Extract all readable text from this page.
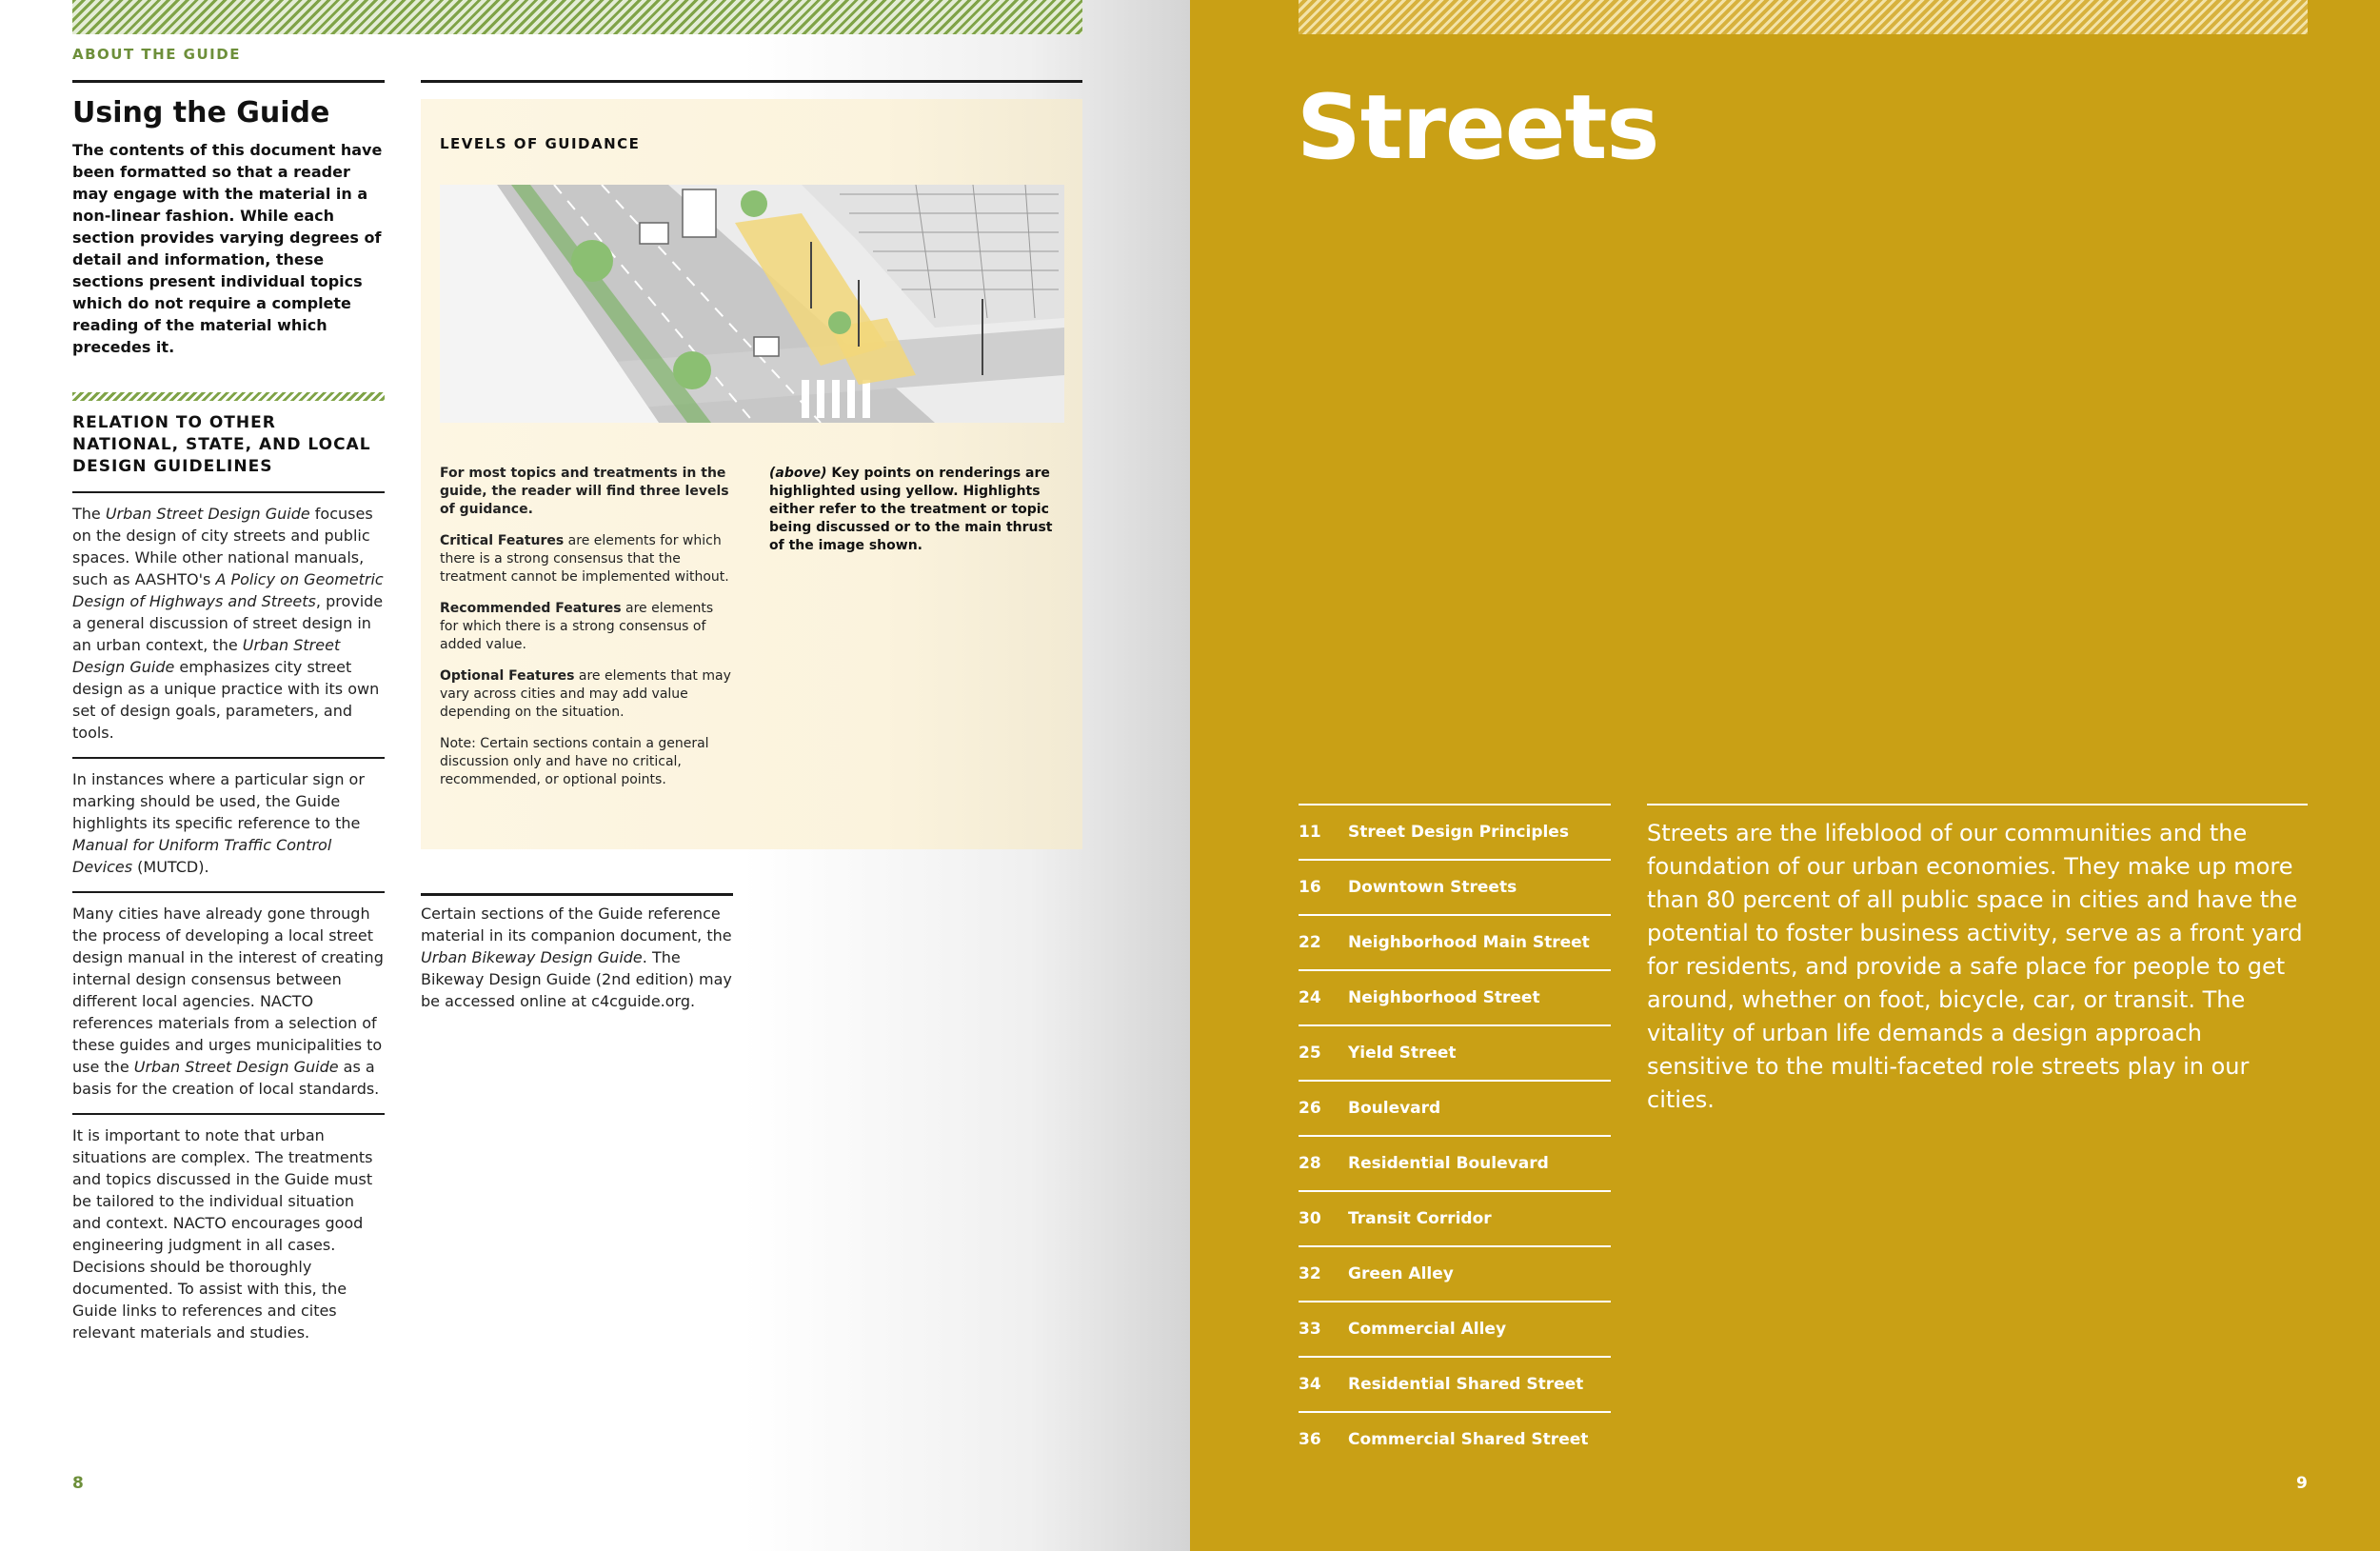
ABOUT THE GUIDE
Using the Guide

The contents of this document have been formatted so that a reader may engage with the material in a non-linear fashion. While each section provides varying degrees of detail and information, these sections present individual topics which do not require a complete reading of the material which precedes it.

RELATION TO OTHER NATIONAL, STATE, AND LOCAL DESIGN GUIDELINES

The Urban Street Design Guide focuses on the design of city streets and public spaces. While other national manuals, such as AASHTO's A Policy on Geometric Design of Highways and Streets, provide a general discussion of street design in an urban context, the Urban Street Design Guide emphasizes city street design as a unique practice with its own set of design goals, parameters, and tools.

In instances where a particular sign or marking should be used, the Guide highlights its specific reference to the Manual for Uniform Traffic Control Devices (MUTCD).

Many cities have already gone through the process of developing a local street design manual in the interest of creating internal design consensus between different local agencies. NACTO references materials from a selection of these guides and urges municipalities to use the Urban Street Design Guide as a basis for the creation of local standards.

It is important to note that urban situations are complex. The treatments and topics discussed in the Guide must be tailored to the individual situation and context. NACTO encourages good engineering judgment in all cases. Decisions should be thoroughly documented. To assist with this, the Guide links to references and cites relevant materials and studies.

LEVELS OF GUIDANCE

For most topics and treatments in the guide, the reader will find three levels of guidance.

Critical Features are elements for which there is a strong consensus that the treatment cannot be implemented without.

Recommended Features are elements for which there is a strong consensus of added value.

Optional Features are elements that may vary across cities and may add value depending on the situation.

Note: Certain sections contain a general discussion only and have no critical, recommended, or optional points.

(above) Key points on renderings are highlighted using yellow. Highlights either refer to the treatment or topic being discussed or to the main thrust of the image shown.

Certain sections of the Guide reference material in its companion document, the Urban Bikeway Design Guide. The Bikeway Design Guide (2nd edition) may be accessed online at c4cguide.org.

8
Streets
11	Street Design Principles
16	Downtown Streets
22	Neighborhood Main Street
24	Neighborhood Street
25	Yield Street
26	Boulevard
28	Residential Boulevard
30	Transit Corridor
32	Green Alley
33	Commercial Alley
34	Residential Shared Street
36	Commercial Shared Street

Streets are the lifeblood of our communities and the foundation of our urban economies. They make up more than 80 percent of all public space in cities and have the potential to foster business activity, serve as a front yard for residents, and provide a safe place for people to get around, whether on foot, bicycle, car, or transit. The vitality of urban life demands a design approach sensitive to the multi-faceted role streets play in our cities.

9
